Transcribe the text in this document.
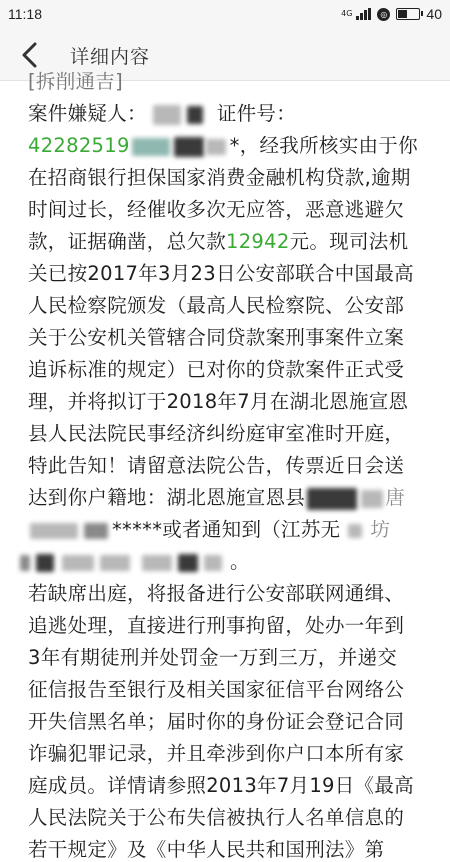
11:18	4G	◎	40
详细内容
[拆削通吉]
案件嫌疑人：	证件号：
42282519	*，经我所核实由于你
在招商银行担保国家消费金融机构贷款,逾期
时间过长，经催收多次无应答，恶意逃避欠
款，证据确凿，总欠款12942元。现司法机
关已按2017年3月23日公安部联合中国最高
人民检察院颁发（最高人民检察院、公安部
关于公安机关管辖合同贷款案刑事案件立案
追诉标准的规定）已对你的贷款案件正式受
理，并将拟订于2018年7月在湖北恩施宣恩
县人民法院民事经济纠纷庭审室准时开庭，
特此告知！请留意法院公告，传票近日会送
达到你户籍地：湖北恩施宣恩县	唐
*****或者通知到（江苏无 坊
。
若缺席出庭，将报备进行公安部联网通缉、
追逃处理，直接进行刑事拘留，处办一年到
3年有期徒刑并处罚金一万到三万，并递交
征信报告至银行及相关国家征信平台网络公
开失信黑名单；届时你的身份证会登记合同
诈骗犯罪记录，并且牵涉到你户口本所有家
庭成员。详情请参照2013年7月19日《最高
人民法院关于公布失信被执行人名单信息的
若干规定》及《中华人民共和国刑法》第
